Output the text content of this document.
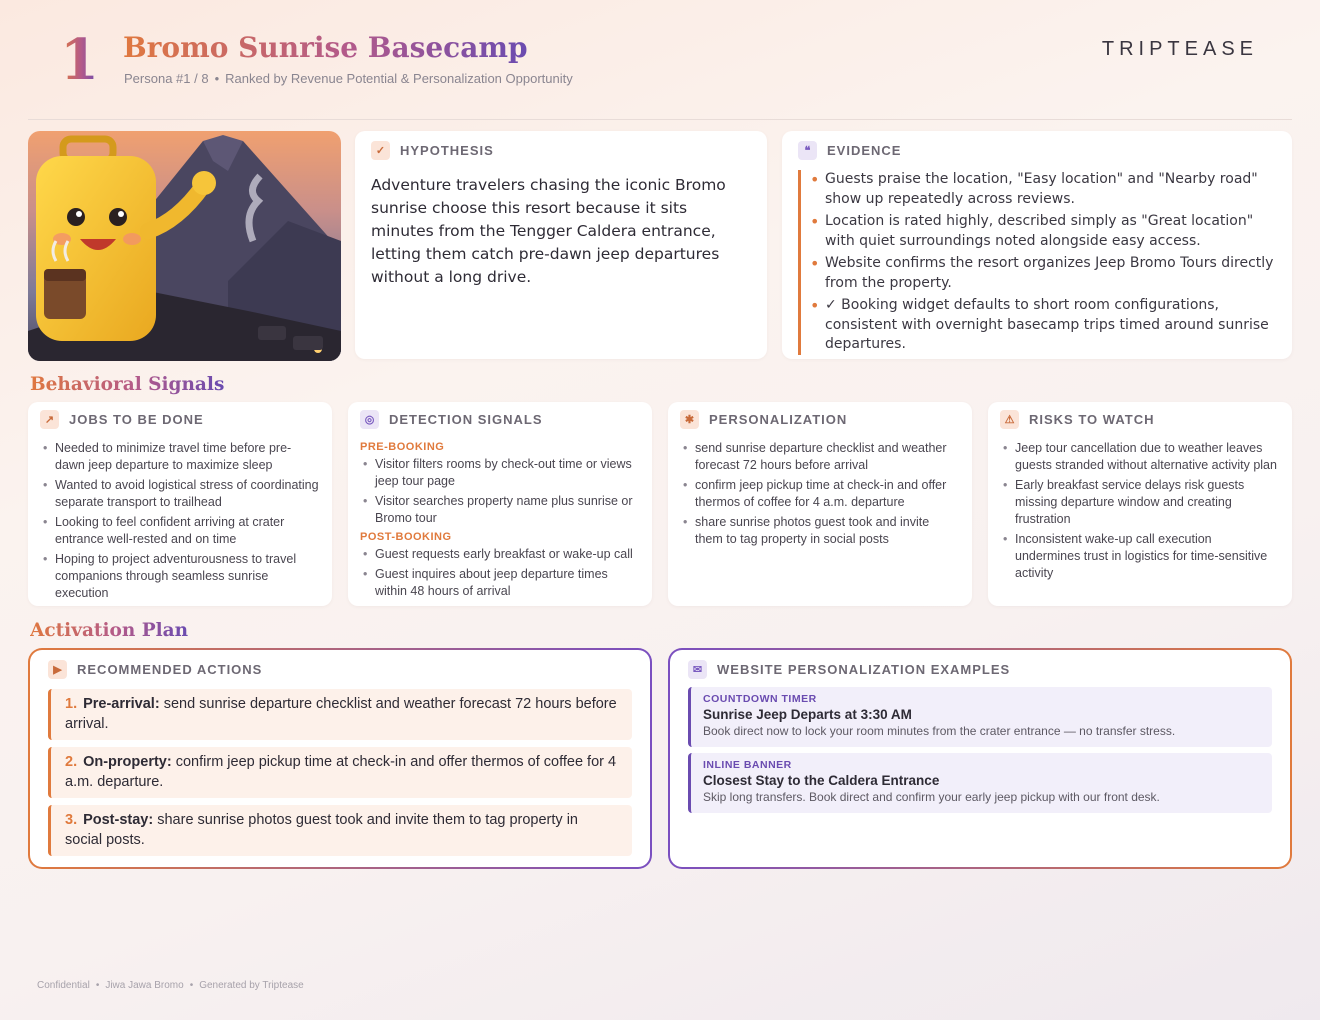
1 Bromo Sunrise Basecamp
Persona #1 / 8 • Ranked by Revenue Potential & Personalization Opportunity
TRIPTEASE
✓	HYPOTHESIS
Adventure travelers chasing the iconic Bromo sunrise choose this resort because it sits minutes from the Tengger Caldera entrance, letting them catch pre-dawn jeep departures without a long drive.
❝	EVIDENCE
• Guests praise the location, "Easy location" and "Nearby road" show up repeatedly across reviews.
• Location is rated highly, described simply as "Great location" with quiet surroundings noted alongside easy access.
• Website confirms the resort organizes Jeep Bromo Tours directly from the property.
• ✓ Booking widget defaults to short room configurations, consistent with overnight basecamp trips timed around sunrise departures.
Behavioral Signals
↗	JOBS TO BE DONE
• Needed to minimize travel time before pre-dawn jeep departure to maximize sleep
• Wanted to avoid logistical stress of coordinating separate transport to trailhead
• Looking to feel confident arriving at crater entrance well-rested and on time
• Hoping to project adventurousness to travel companions through seamless sunrise execution
◎	DETECTION SIGNALS
PRE-BOOKING
• Visitor filters rooms by check-out time or views jeep tour page
• Visitor searches property name plus sunrise or Bromo tour
POST-BOOKING
• Guest requests early breakfast or wake-up call
• Guest inquires about jeep departure times within 48 hours of arrival
✱	PERSONALIZATION
• send sunrise departure checklist and weather forecast 72 hours before arrival
• confirm jeep pickup time at check-in and offer thermos of coffee for 4 a.m. departure
• share sunrise photos guest took and invite them to tag property in social posts
⚠	RISKS TO WATCH
• Jeep tour cancellation due to weather leaves guests stranded without alternative activity plan
• Early breakfast service delays risk guests missing departure window and creating frustration
• Inconsistent wake-up call execution undermines trust in logistics for time-sensitive activity
Activation Plan
▶	RECOMMENDED ACTIONS
1. Pre-arrival: send sunrise departure checklist and weather forecast 72 hours before arrival.
2. On-property: confirm jeep pickup time at check-in and offer thermos of coffee for 4 a.m. departure.
3. Post-stay: share sunrise photos guest took and invite them to tag property in social posts.
✉	WEBSITE PERSONALIZATION EXAMPLES
COUNTDOWN TIMER
Sunrise Jeep Departs at 3:30 AM
Book direct now to lock your room minutes from the crater entrance — no transfer stress.
INLINE BANNER
Closest Stay to the Caldera Entrance
Skip long transfers. Book direct and confirm your early jeep pickup with our front desk.
Confidential • Jiwa Jawa Bromo • Generated by Triptease
